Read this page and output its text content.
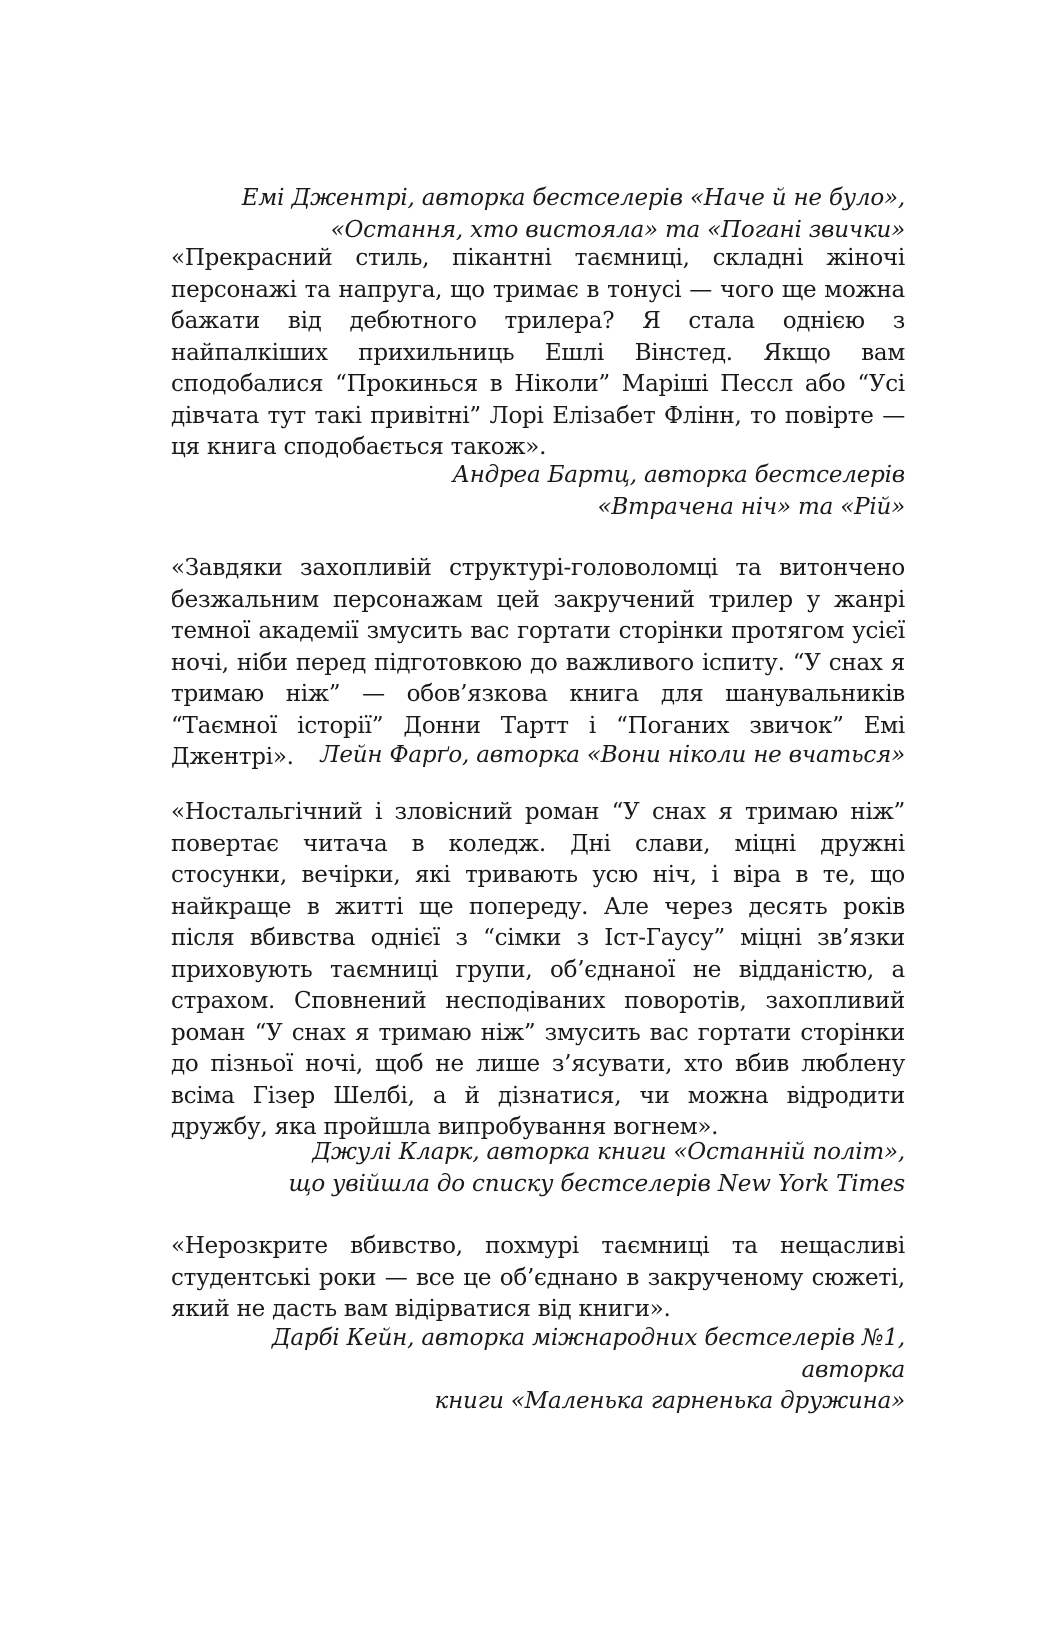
Емі Джентрі, авторка бестселерів «Наче й не було»,
«Остання, хто вистояла» та «Погані звички»

«Прекрасний стиль, пікантні таємниці, складні жіночі персонажі та напруга, що тримає в тонусі — чого ще можна бажати від дебютного трилера? Я стала однією з найпалкіших прихильниць Ешлі Вінстед. Якщо вам сподобалися “Прокинься в Ніколи” Маріші Пессл або “Усі дівчата тут такі привітні” Лорі Елізабет Флінн, то повірте — ця книга сподобається також».

Андреа Бартц, авторка бестселерів
«Втрачена ніч» та «Рій»

«Завдяки захопливій структурі-головоломці та витончено безжальним персонажам цей закручений трилер у жанрі темної академії змусить вас гортати сторінки протягом усієї ночі, ніби перед підготовкою до важливого іспиту. “У снах я тримаю ніж” — обов’язкова книга для шанувальників “Таємної історії” Донни Тартт і “Поганих звичок” Емі Джентрі».	Лейн Фарґо, авторка «Вони ніколи не вчаться»

«Ностальгічний і зловісний роман “У снах я тримаю ніж” повертає читача в коледж. Дні слави, міцні дружні стосунки, вечірки, які тривають усю ніч, і віра в те, що найкраще в житті ще попереду. Але через десять років після вбивства однієї з “сімки з Іст-Гаусу” міцні зв’язки приховують таємниці групи, об’єднаної не відданістю, а страхом. Сповнений несподіваних поворотів, захопливий роман “У снах я тримаю ніж” змусить вас гортати сторінки до пізньої ночі, щоб не лише з’ясувати, хто вбив люблену всіма Гізер Шелбі, а й дізнатися, чи можна відродити дружбу, яка пройшла випробування вогнем».

Джулі Кларк, авторка книги «Останній політ»,
що увійшла до списку бестселерів New York Times

«Нерозкрите вбивство, похмурі таємниці та нещасливі студентські роки — все це об’єднано в закрученому сюжеті, який не дасть вам відірватися від книги».

Дарбі Кейн, авторка міжнародних бестселерів №1, авторка
книги «Маленька гарненька дружина»
